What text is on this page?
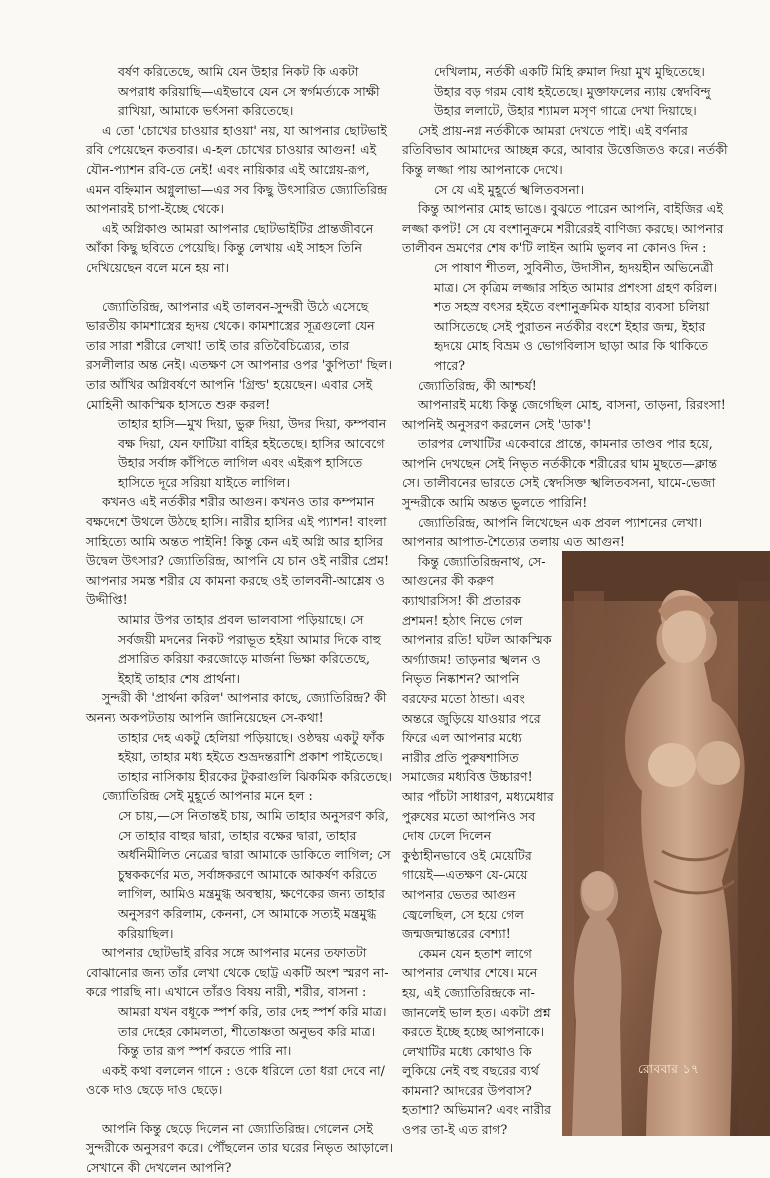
বর্ষণ করিতেছে, আমি যেন উহার নিকট কি একটা অপরাধ করিয়াছি—এইভাবে যেন সে স্বর্গমর্ত্যকে সাক্ষী রাখিয়া, আমাকে ভর্ৎসনা করিতেছে।

এ তো 'চোখের চাওয়ার হাওয়া' নয়, যা আপনার ছোটভাই রবি পেয়েছেন কতবার। এ-হল চোখের চাওয়ার আগুন! এই যৌন-প্যাশন রবি-তে নেই! এবং নায়িকার এই আগ্নেয়-রূপ, এমন বহ্নিমান অগ্নুলাভা—এর সব কিছু উৎসারিত জ্যোতিরিন্দ্র আপনারই চাপা-ইচ্ছে থেকে।

এই অগ্নিকাণ্ড আমরা আপনার ছোটভাইটির প্রান্তজীবনে আঁকা কিছু ছবিতে পেয়েছি। কিন্তু লেখায় এই সাহস তিনি দেখিয়েছেন বলে মনে হয় না।

জ্যোতিরিন্দ্র, আপনার এই তালবন-সুন্দরী উঠে এসেছে ভারতীয় কামশাস্ত্রের হৃদয় থেকে। কামশাস্ত্রের সূত্রগুলো যেন তার সারা শরীরে লেখা! তাই তার রতিবৈচিত্র্যের, তার রসলীলার অন্ত নেই। এতক্ষণ সে আপনার ওপর 'কুপিতা' ছিল। তার আঁখির অগ্নিবর্ষণে আপনি 'গ্রিল্ড' হয়েছেন। এবার সেই মোহিনী আকস্মিক হাসতে শুরু করল!

তাহার হাসি—মুখ দিয়া, ভুরু দিয়া, উদর দিয়া, কম্পবান বক্ষ দিয়া, যেন ফাটিয়া বাহির হইতেছে। হাসির আবেগে উহার সর্বাঙ্গ কাঁপিতে লাগিল এবং এইরূপ হাসিতে হাসিতে দূরে সরিয়া যাইতে লাগিল।

কখনও এই নর্তকীর শরীর আগুন। কখনও তার কম্পমান বক্ষদেশে উথলে উঠছে হাসি। নারীর হাসির এই প্যাশন! বাংলা সাহিত্যে আমি অন্তত পাইনি! কিন্তু কেন এই অগ্নি আর হাসির উদ্বেল উৎসার? জ্যোতিরিন্দ্র, আপনি যে চান ওই নারীর প্রেম! আপনার সমস্ত শরীর যে কামনা করছে ওই তালবনী-আশ্লেষ ও উদ্দীপ্তি!

আমার উপর তাহার প্রবল ভালবাসা পড়িয়াছে। সে সর্বজয়ী মদনের নিকট পরাভূত হইয়া আমার দিকে বাহু প্রসারিত করিয়া করজোড়ে মার্জনা ভিক্ষা করিতেছে, ইহাই তাহার শেষ প্রার্থনা।

সুন্দরী কী 'প্রার্থনা করিল' আপনার কাছে, জ্যোতিরিন্দ্র? কী অনন্য অকপটতায় আপনি জানিয়েছেন সে-কথা!

তাহার দেহ একটু হেলিয়া পড়িয়াছে। ওষ্ঠদ্বয় একটু ফাঁক হইয়া, তাহার মধ্য হইতে শুভ্রদন্তরাশি প্রকাশ পাইতেছে। তাহার নাসিকায় হীরকের টুকরাগুলি ঝিকমিক করিতেছে।

জ্যোতিরিন্দ্র সেই মুহূর্তে আপনার মনে হল :

সে চায়,—সে নিতান্তই চায়, আমি তাহার অনুসরণ করি, সে তাহার বাহুর দ্বারা, তাহার বক্ষের দ্বারা, তাহার অর্ধনিমীলিত নেত্রের দ্বারা আমাকে ডাকিতে লাগিল; সে চুম্বককর্ণের মত, সর্বাঙ্গকরণে আমাকে আকর্ষণ করিতে লাগিল, আমিও মন্ত্রমুগ্ধ অবস্থায়, ক্ষণেকের জন্য তাহার অনুসরণ করিলাম, কেননা, সে আমাকে সত্যই মন্ত্রমুগ্ধ করিয়াছিল।

আপনার ছোটভাই রবির সঙ্গে আপনার মনের তফাতটা বোঝানোর জন্য তাঁর লেখা থেকে ছোট্ট একটি অংশ স্মরণ না-করে পারছি না। এখানে তাঁরও বিষয় নারী, শরীর, বাসনা :

আমরা যখন বধূকে স্পর্শ করি, তার দেহ স্পর্শ করি মাত্র। তার দেহের কোমলতা, শীতোষ্ণতা অনুভব করি মাত্র। কিন্তু তার রূপ স্পর্শ করতে পারি না।

একই কথা বললেন গানে : ওকে ধরিলে তো ধরা দেবে না/ ওকে দাও ছেড়ে দাও ছেড়ে।

আপনি কিন্তু ছেড়ে দিলেন না জ্যোতিরিন্দ্র। গেলেন সেই সুন্দরীকে অনুসরণ করে। পৌঁছলেন তার ঘরের নিভৃত আড়ালে। সেখানে কী দেখলেন আপনি?

দেখিলাম, নর্তকী একটি মিহি রুমাল দিয়া মুখ মুছিতেছে। উহার বড় গরম বোধ হইতেছে। মুক্তাফলের ন্যায় স্বেদবিন্দু উহার ললাটে, উহার শ্যামল মসৃণ গাত্রে দেখা দিয়াছে।

সেই প্রায়-নগ্ন নর্তকীকে আমরা দেখতে পাই। এই বর্ণনার রতিবিভাব আমাদের আচ্ছন্ন করে, আবার উত্তেজিতও করে। নর্তকী কিন্তু লজ্জা পায় আপনাকে দেখে।

সে যে এই মুহূর্তে স্খলিতবসনা।

কিন্তু আপনার মোহ ভাঙে। বুঝতে পারেন আপনি, বাইজির এই লজ্জা কপট! সে যে বংশানুক্রমে শরীরেরই বাণিজ্য করছে। আপনার তালীবন ভ্রমণের শেষ ক'টি লাইন আমি ভুলব না কোনও দিন :

সে পাষাণ শীতল, সুবিনীত, উদাসীন, হৃদয়হীন অভিনেত্রী মাত্র। সে কৃত্রিম লজ্জার সহিত আমার প্রশংসা গ্রহণ করিল। শত সহস্র বৎসর হইতে বংশানুক্রমিক যাহার ব্যবসা চলিয়া আসিতেছে সেই পুরাতন নর্তকীর বংশে ইহার জন্ম, ইহার হৃদয়ে মোহ বিভ্রম ও ভোগবিলাস ছাড়া আর কি থাকিতে পারে?

জ্যোতিরিন্দ্র, কী আশ্চর্য!

আপনারই মধ্যে কিন্তু জেগেছিল মোহ, বাসনা, তাড়না, রিরংসা! আপনিই অনুসরণ করলেন সেই 'ডাক'!

তারপর লেখাটির একেবারে প্রান্তে, কামনার তাণ্ডব পার হয়ে, আপনি দেখছেন সেই নিভৃত নর্তকীকে শরীরের ঘাম মুছতে—ক্লান্ত সে। তালীবনের ভারতে সেই স্বেদসিক্ত স্খলিতবসনা, ঘামে-ভেজা সুন্দরীকে আমি অন্তত ভুলতে পারিনি!

জ্যোতিরিন্দ্র, আপনি লিখেছেন এক প্রবল প্যাশনের লেখা। আপনার আপাত-শৈত্যের তলায় এত আগুন!

কিন্তু জ্যোতিরিন্দ্রনাথ, সে-আগুনের কী করুণ ক্যাথারসিস! কী প্রতারক প্রশমন! হঠাৎ নিভে গেল আপনার রতি! ঘটল আকস্মিক অর্গ্যাজম! তাড়নার স্খলন ও নিভৃত নিষ্কাশন? আপনি বরফের মতো ঠান্ডা। এবং অন্তরে জুড়িয়ে যাওয়ার পরে ফিরে এল আপনার মধ্যে নারীর প্রতি পুরুষশাসিত সমাজের মধ্যবিত্ত উচ্চারণ! আর পাঁচটা সাধারণ, মধ্যমেধার পুরুষের মতো আপনিও সব দোষ ঢেলে দিলেন কুণ্ঠাহীনভাবে ওই মেয়েটির গায়েই—এতক্ষণ যে-মেয়ে আপনার ভেতর আগুন জ্বেলেছিল, সে হয়ে গেল জন্মজন্মান্তরের বেশ্যা!

কেমন যেন হতাশ লাগে আপনার লেখার শেষে। মনে হয়, এই জ্যোতিরিন্দ্রকে না-জানলেই ভাল হত। একটা প্রশ্ন করতে ইচ্ছে হচ্ছে আপনাকে। লেখাটির মধ্যে কোথাও কি লুকিয়ে নেই বহু বছরের ব্যর্থ কামনা? আদরের উপবাস? হতাশা? অভিমান? এবং নারীর ওপর তা-ই এত রাগ?

রোববার ১৭
